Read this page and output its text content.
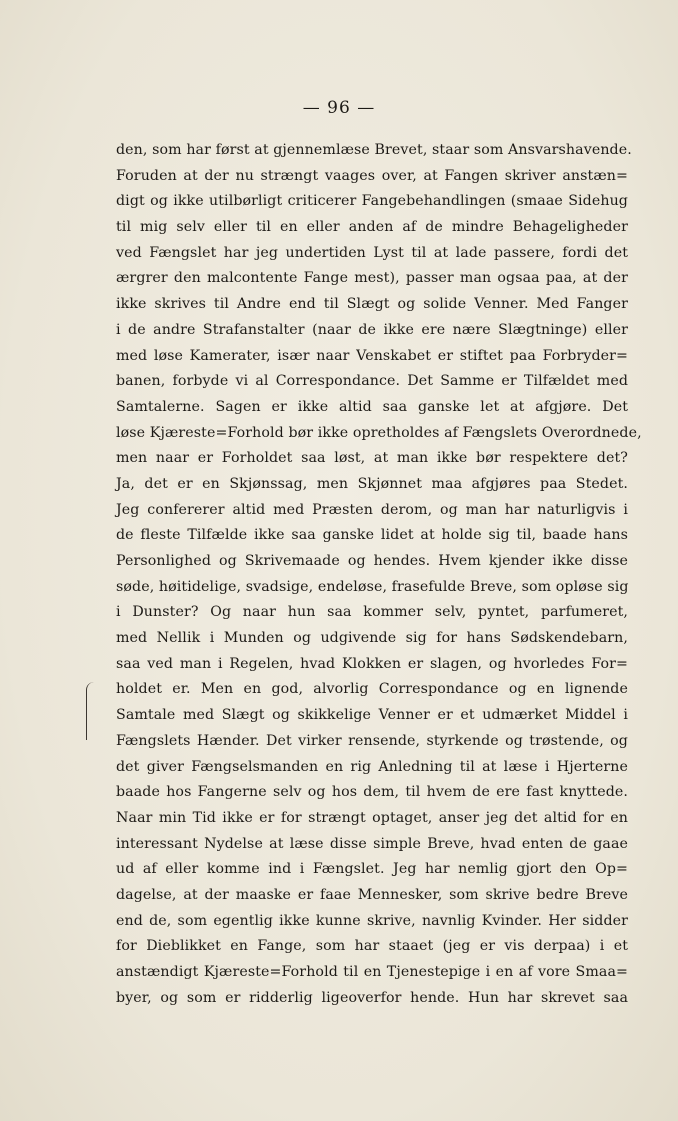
— 96 —
den, som har først at gjennemlæse Brevet, staar som Ansvarshavende.
Foruden at der nu strængt vaages over, at Fangen skriver anstæn=
digt og ikke utilbørligt criticerer Fangebehandlingen (smaae Sidehug
til mig selv eller til en eller anden af de mindre Behageligheder
ved Fængslet har jeg undertiden Lyst til at lade passere, fordi det
ærgrer den malcontente Fange mest), passer man ogsaa paa, at der
ikke skrives til Andre end til Slægt og solide Venner. Med Fanger
i de andre Strafanstalter (naar de ikke ere nære Slægtninge) eller
med løse Kamerater, især naar Venskabet er stiftet paa Forbryder=
banen, forbyde vi al Correspondance. Det Samme er Tilfældet med
Samtalerne. Sagen er ikke altid saa ganske let at afgjøre. Det
løse Kjæreste=Forhold bør ikke opretholdes af Fængslets Overordnede,
men naar er Forholdet saa løst, at man ikke bør respektere det?
Ja, det er en Skjønssag, men Skjønnet maa afgjøres paa Stedet.
Jeg confererer altid med Præsten derom, og man har naturligvis i
de fleste Tilfælde ikke saa ganske lidet at holde sig til, baade hans
Personlighed og Skrivemaade og hendes. Hvem kjender ikke disse
søde, høitidelige, svadsige, endeløse, frasefulde Breve, som opløse sig
i Dunster? Og naar hun saa kommer selv, pyntet, parfumeret,
med Nellik i Munden og udgivende sig for hans Sødskendebarn,
saa ved man i Regelen, hvad Klokken er slagen, og hvorledes For=
holdet er. Men en god, alvorlig Correspondance og en lignende
Samtale med Slægt og skikkelige Venner er et udmærket Middel i
Fængslets Hænder. Det virker rensende, styrkende og trøstende, og
det giver Fængselsmanden en rig Anledning til at læse i Hjerterne
baade hos Fangerne selv og hos dem, til hvem de ere fast knyttede.
Naar min Tid ikke er for strængt optaget, anser jeg det altid for en
interessant Nydelse at læse disse simple Breve, hvad enten de gaae
ud af eller komme ind i Fængslet. Jeg har nemlig gjort den Op=
dagelse, at der maaske er faae Mennesker, som skrive bedre Breve
end de, som egentlig ikke kunne skrive, navnlig Kvinder. Her sidder
for Dieblikket en Fange, som har staaet (jeg er vis derpaa) i et
anstændigt Kjæreste=Forhold til en Tjenestepige i en af vore Smaa=
byer, og som er ridderlig ligeoverfor hende. Hun har skrevet saa
